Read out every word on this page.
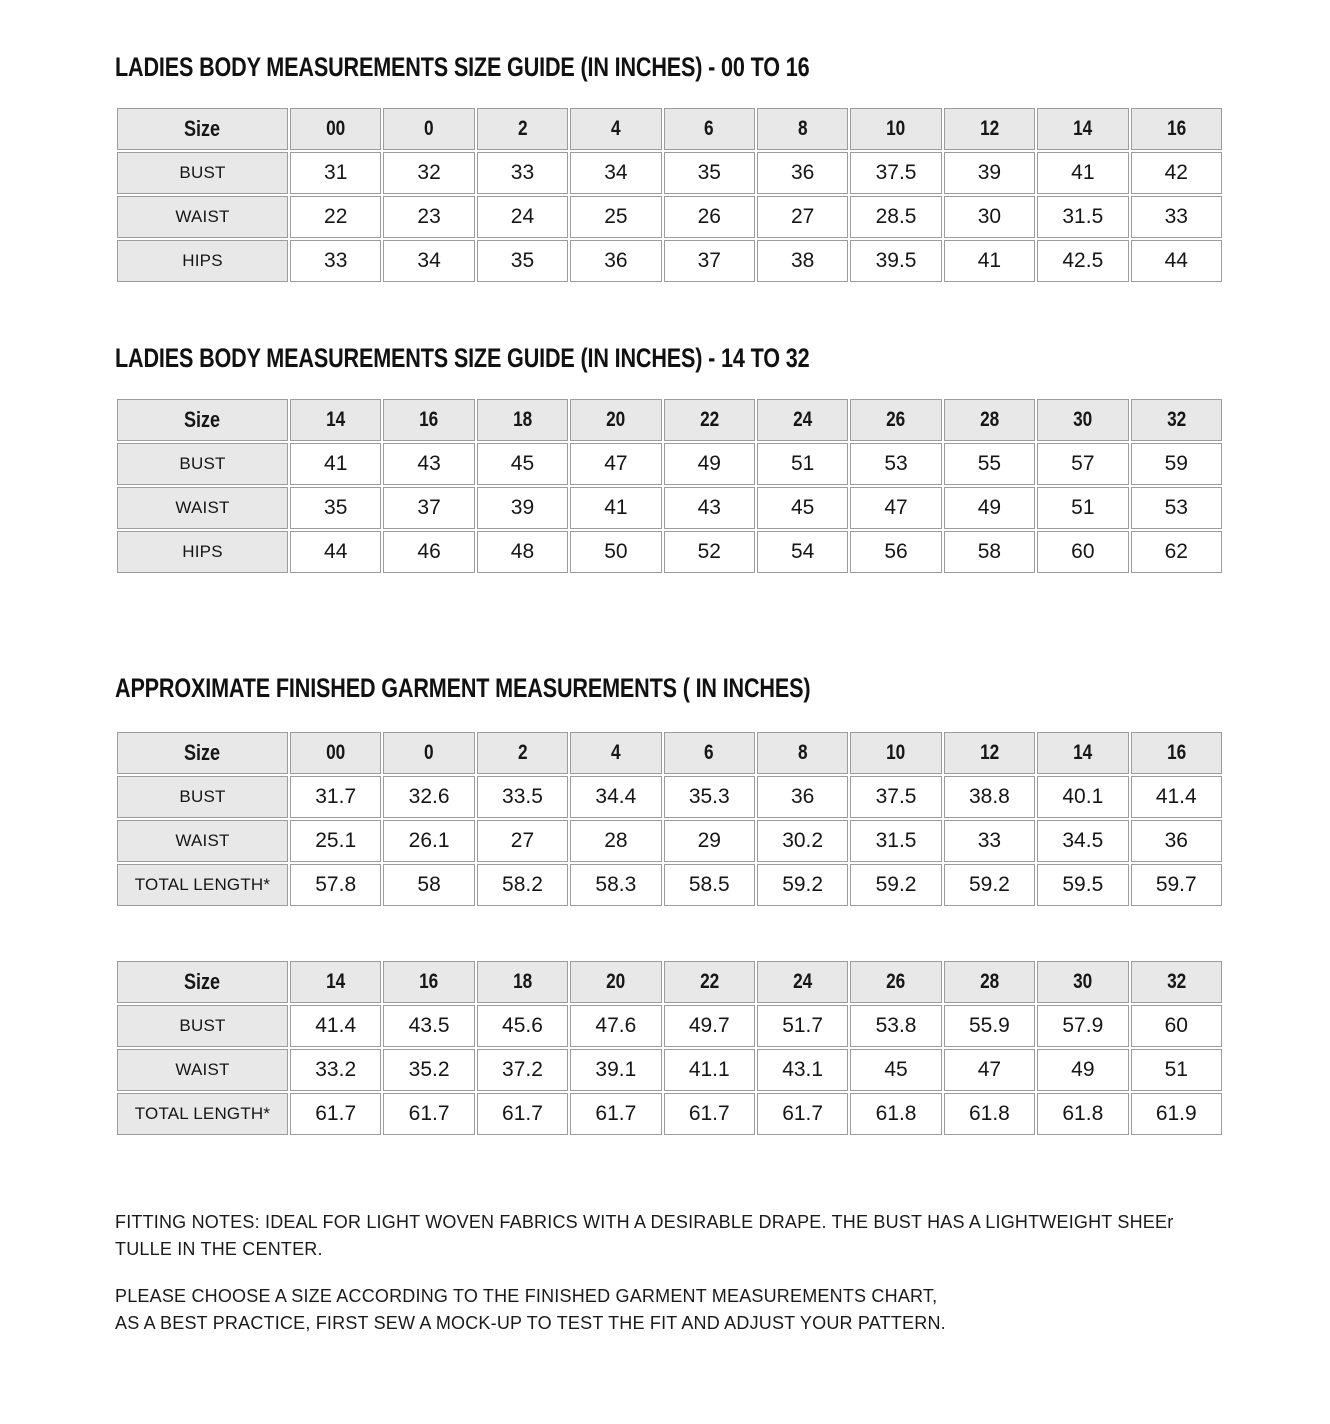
LADIES BODY MEASUREMENTS SIZE GUIDE (IN INCHES) - 00 TO 16
Size	00	0	2	4	6	8	10	12	14	16
BUST	31	32	33	34	35	36	37.5	39	41	42
WAIST	22	23	24	25	26	27	28.5	30	31.5	33
HIPS	33	34	35	36	37	38	39.5	41	42.5	44
LADIES BODY MEASUREMENTS SIZE GUIDE (IN INCHES) - 14 TO 32
Size	14	16	18	20	22	24	26	28	30	32
BUST	41	43	45	47	49	51	53	55	57	59
WAIST	35	37	39	41	43	45	47	49	51	53
HIPS	44	46	48	50	52	54	56	58	60	62
APPROXIMATE FINISHED GARMENT MEASUREMENTS ( IN INCHES)
Size	00	0	2	4	6	8	10	12	14	16
BUST	31.7	32.6	33.5	34.4	35.3	36	37.5	38.8	40.1	41.4
WAIST	25.1	26.1	27	28	29	30.2	31.5	33	34.5	36
TOTAL LENGTH*	57.8	58	58.2	58.3	58.5	59.2	59.2	59.2	59.5	59.7
Size	14	16	18	20	22	24	26	28	30	32
BUST	41.4	43.5	45.6	47.6	49.7	51.7	53.8	55.9	57.9	60
WAIST	33.2	35.2	37.2	39.1	41.1	43.1	45	47	49	51
TOTAL LENGTH*	61.7	61.7	61.7	61.7	61.7	61.7	61.8	61.8	61.8	61.9

FITTING NOTES: IDEAL FOR LIGHT WOVEN FABRICS WITH A DESIRABLE DRAPE. THE BUST HAS A LIGHTWEIGHT SHEEr
TULLE IN THE CENTER.

PLEASE CHOOSE A SIZE ACCORDING TO THE FINISHED GARMENT MEASUREMENTS CHART,
AS A BEST PRACTICE, FIRST SEW A MOCK-UP TO TEST THE FIT AND ADJUST YOUR PATTERN.
